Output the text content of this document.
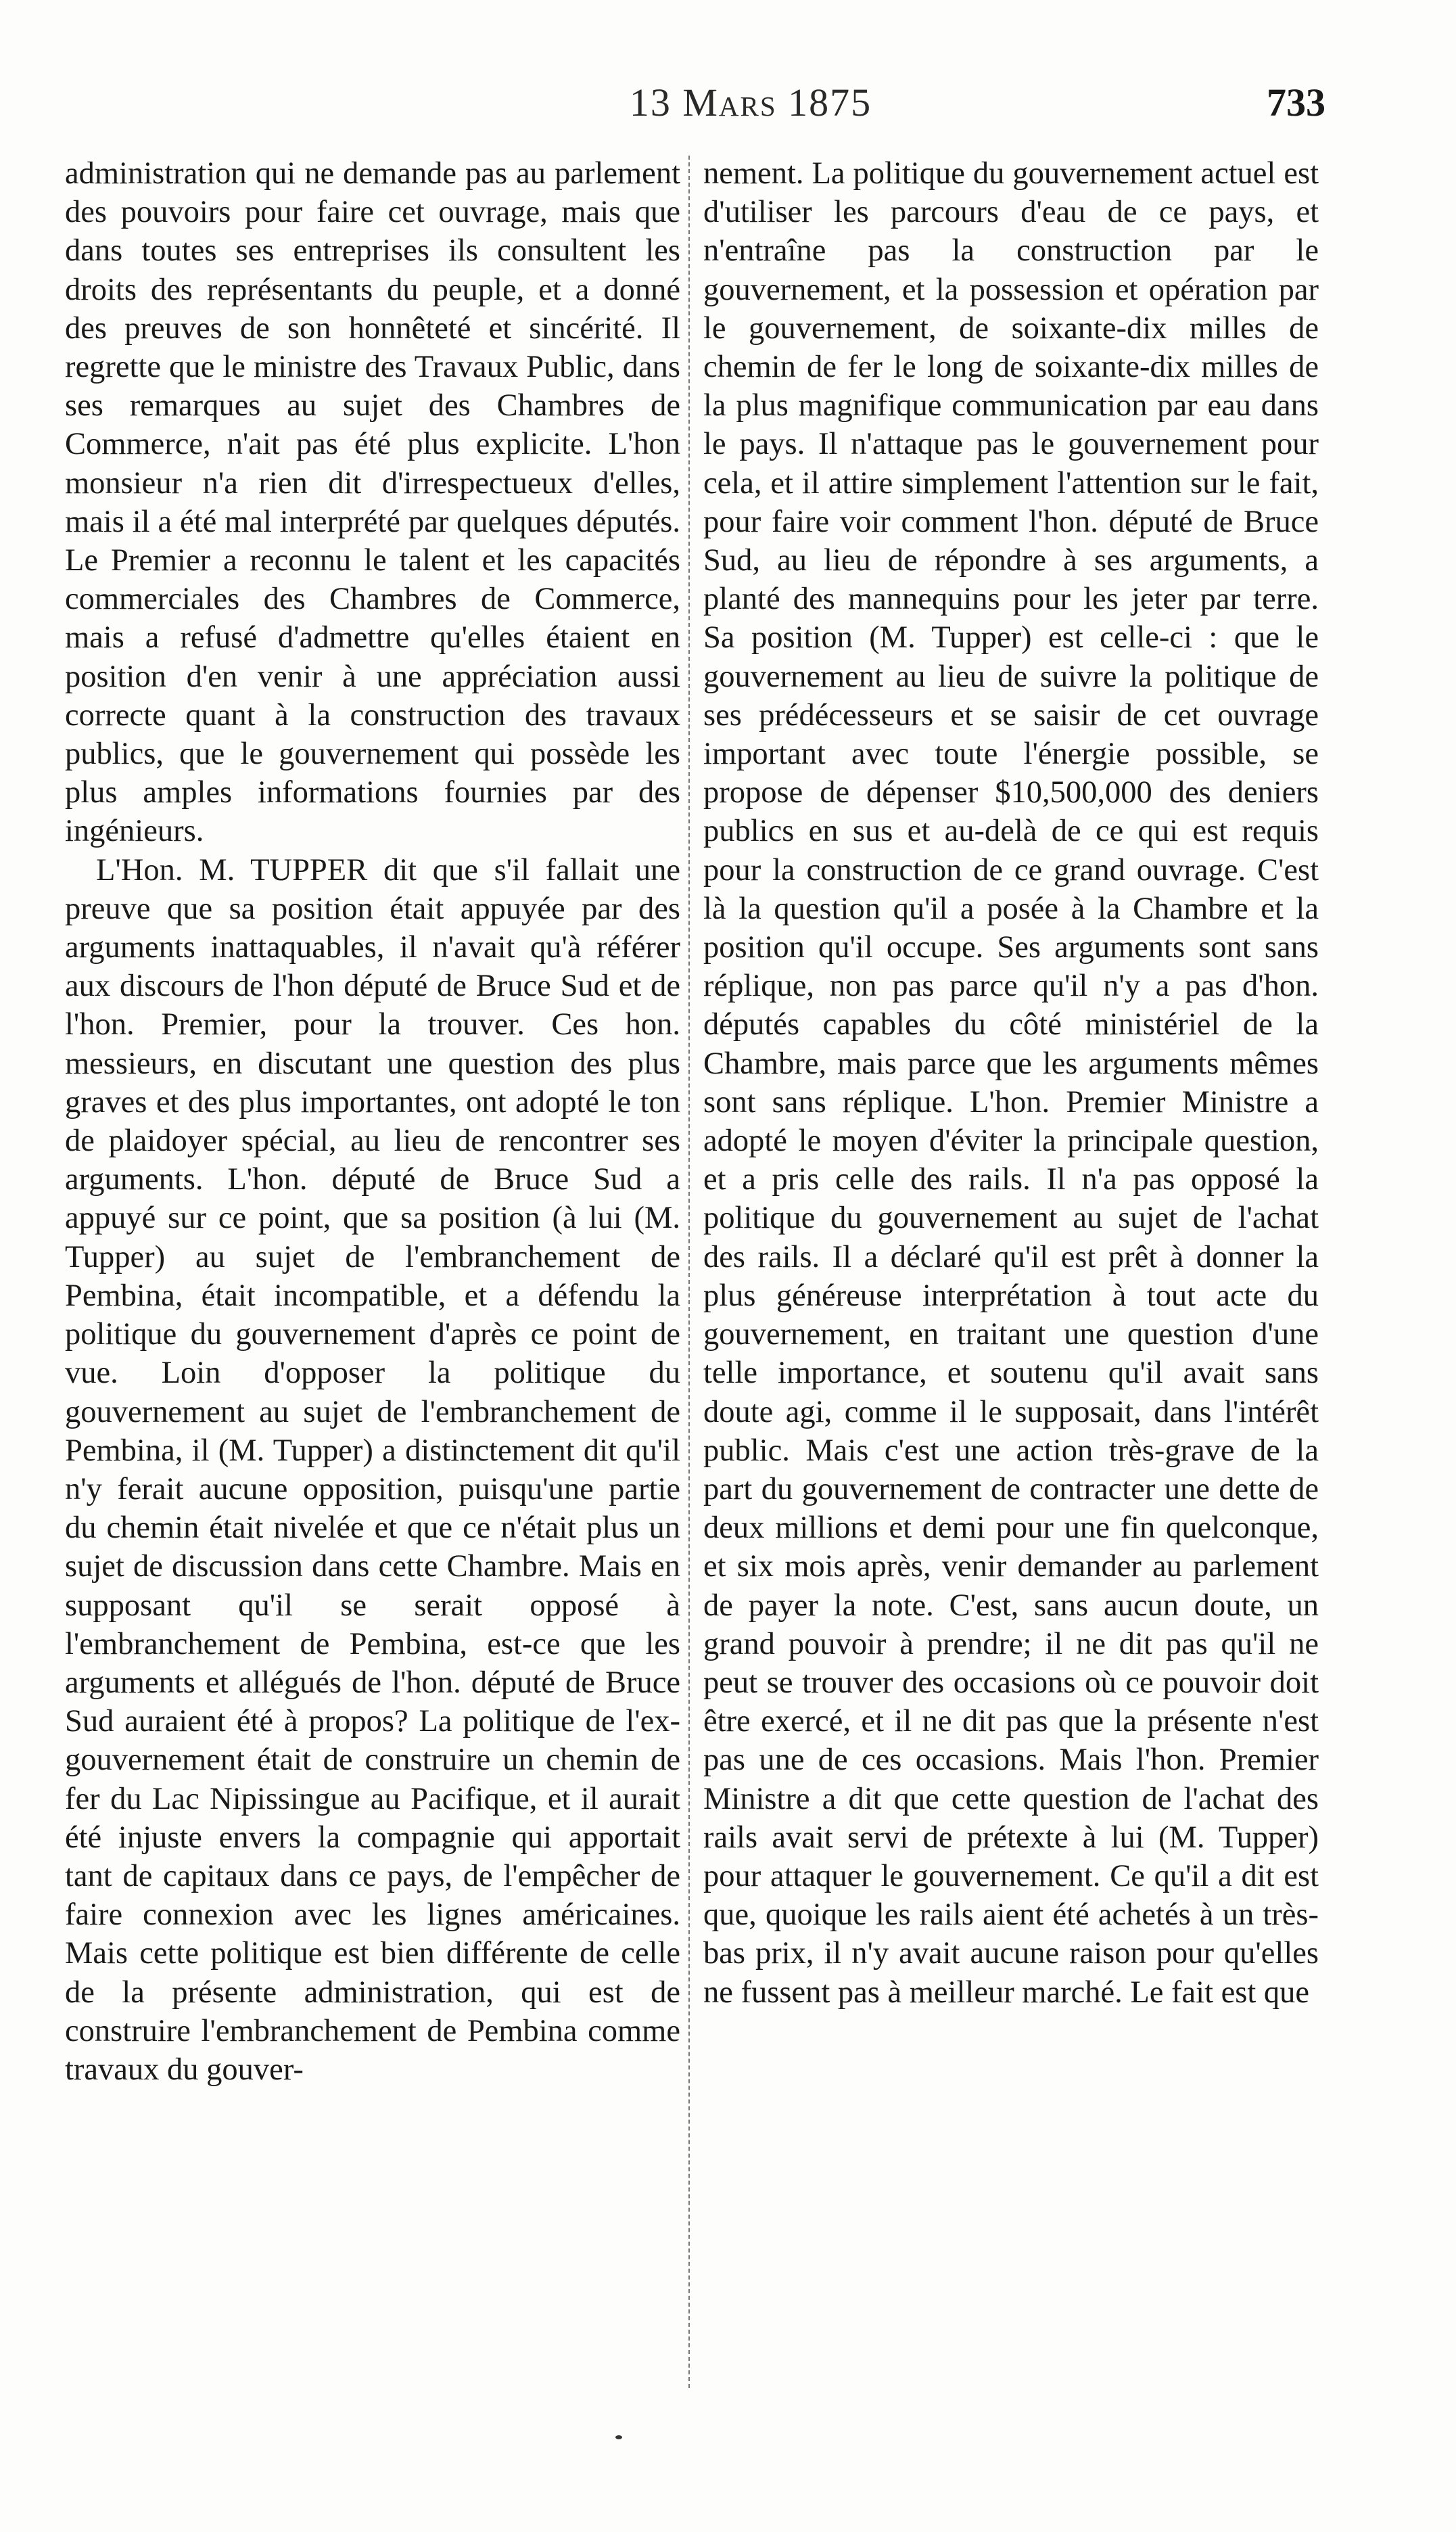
13 Mars 1875	733

administration qui ne demande pas au parlement des pouvoirs pour faire cet ouvrage, mais que dans toutes ses entreprises ils consultent les droits des représentants du peuple, et a donné des preuves de son honnêteté et sincérité. Il regrette que le ministre des Travaux Public, dans ses remarques au sujet des Chambres de Commerce, n'ait pas été plus explicite. L'hon monsieur n'a rien dit d'irrespectueux d'elles, mais il a été mal interprété par quelques députés. Le Premier a reconnu le talent et les capacités commerciales des Chambres de Commerce, mais a refusé d'admettre qu'elles étaient en position d'en venir à une appréciation aussi correcte quant à la construction des travaux publics, que le gouvernement qui possède les plus amples informations fournies par des ingénieurs.

L'Hon. M. TUPPER dit que s'il fallait une preuve que sa position était appuyée par des arguments inattaquables, il n'avait qu'à référer aux discours de l'hon député de Bruce Sud et de l'hon. Premier, pour la trouver. Ces hon. messieurs, en discutant une question des plus graves et des plus importantes, ont adopté le ton de plaidoyer spécial, au lieu de rencontrer ses arguments. L'hon. député de Bruce Sud a appuyé sur ce point, que sa position (à lui (M. Tupper) au sujet de l'embranchement de Pembina, était incompatible, et a défendu la politique du gouvernement d'après ce point de vue. Loin d'opposer la politique du gouvernement au sujet de l'embranchement de Pembina, il (M. Tupper) a distinctement dit qu'il n'y ferait aucune opposition, puisqu'une partie du chemin était nivelée et que ce n'était plus un sujet de discussion dans cette Chambre. Mais en supposant qu'il se serait opposé à l'embranchement de Pembina, est-ce que les arguments et allégués de l'hon. député de Bruce Sud auraient été à propos? La politique de l'ex-gouvernement était de construire un chemin de fer du Lac Nipissingue au Pacifique, et il aurait été injuste envers la compagnie qui apportait tant de capitaux dans ce pays, de l'empêcher de faire connexion avec les lignes américaines. Mais cette politique est bien différente de celle de la présente administration, qui est de construire l'embranchement de Pembina comme travaux du gouver-

nement. La politique du gouvernement actuel est d'utiliser les parcours d'eau de ce pays, et n'entraîne pas la construction par le gouvernement, et la possession et opération par le gouvernement, de soixante-dix milles de chemin de fer le long de soixante-dix milles de la plus magnifique communication par eau dans le pays. Il n'attaque pas le gouvernement pour cela, et il attire simplement l'attention sur le fait, pour faire voir comment l'hon. député de Bruce Sud, au lieu de répondre à ses arguments, a planté des mannequins pour les jeter par terre. Sa position (M. Tupper) est celle-ci : que le gouvernement au lieu de suivre la politique de ses prédécesseurs et se saisir de cet ouvrage important avec toute l'énergie possible, se propose de dépenser $10,500,000 des deniers publics en sus et au-delà de ce qui est requis pour la construction de ce grand ouvrage. C'est là la question qu'il a posée à la Chambre et la position qu'il occupe. Ses arguments sont sans réplique, non pas parce qu'il n'y a pas d'hon. députés capables du côté ministériel de la Chambre, mais parce que les arguments mêmes sont sans réplique. L'hon. Premier Ministre a adopté le moyen d'éviter la principale question, et a pris celle des rails. Il n'a pas opposé la politique du gouvernement au sujet de l'achat des rails. Il a déclaré qu'il est prêt à donner la plus généreuse interprétation à tout acte du gouvernement, en traitant une question d'une telle importance, et soutenu qu'il avait sans doute agi, comme il le supposait, dans l'intérêt public. Mais c'est une action très-grave de la part du gouvernement de contracter une dette de deux millions et demi pour une fin quelconque, et six mois après, venir demander au parlement de payer la note. C'est, sans aucun doute, un grand pouvoir à prendre; il ne dit pas qu'il ne peut se trouver des occasions où ce pouvoir doit être exercé, et il ne dit pas que la présente n'est pas une de ces occasions. Mais l'hon. Premier Ministre a dit que cette question de l'achat des rails avait servi de prétexte à lui (M. Tupper) pour attaquer le gouvernement. Ce qu'il a dit est que, quoique les rails aient été achetés à un très-bas prix, il n'y avait aucune raison pour qu'elles ne fussent pas à meilleur marché. Le fait est que
